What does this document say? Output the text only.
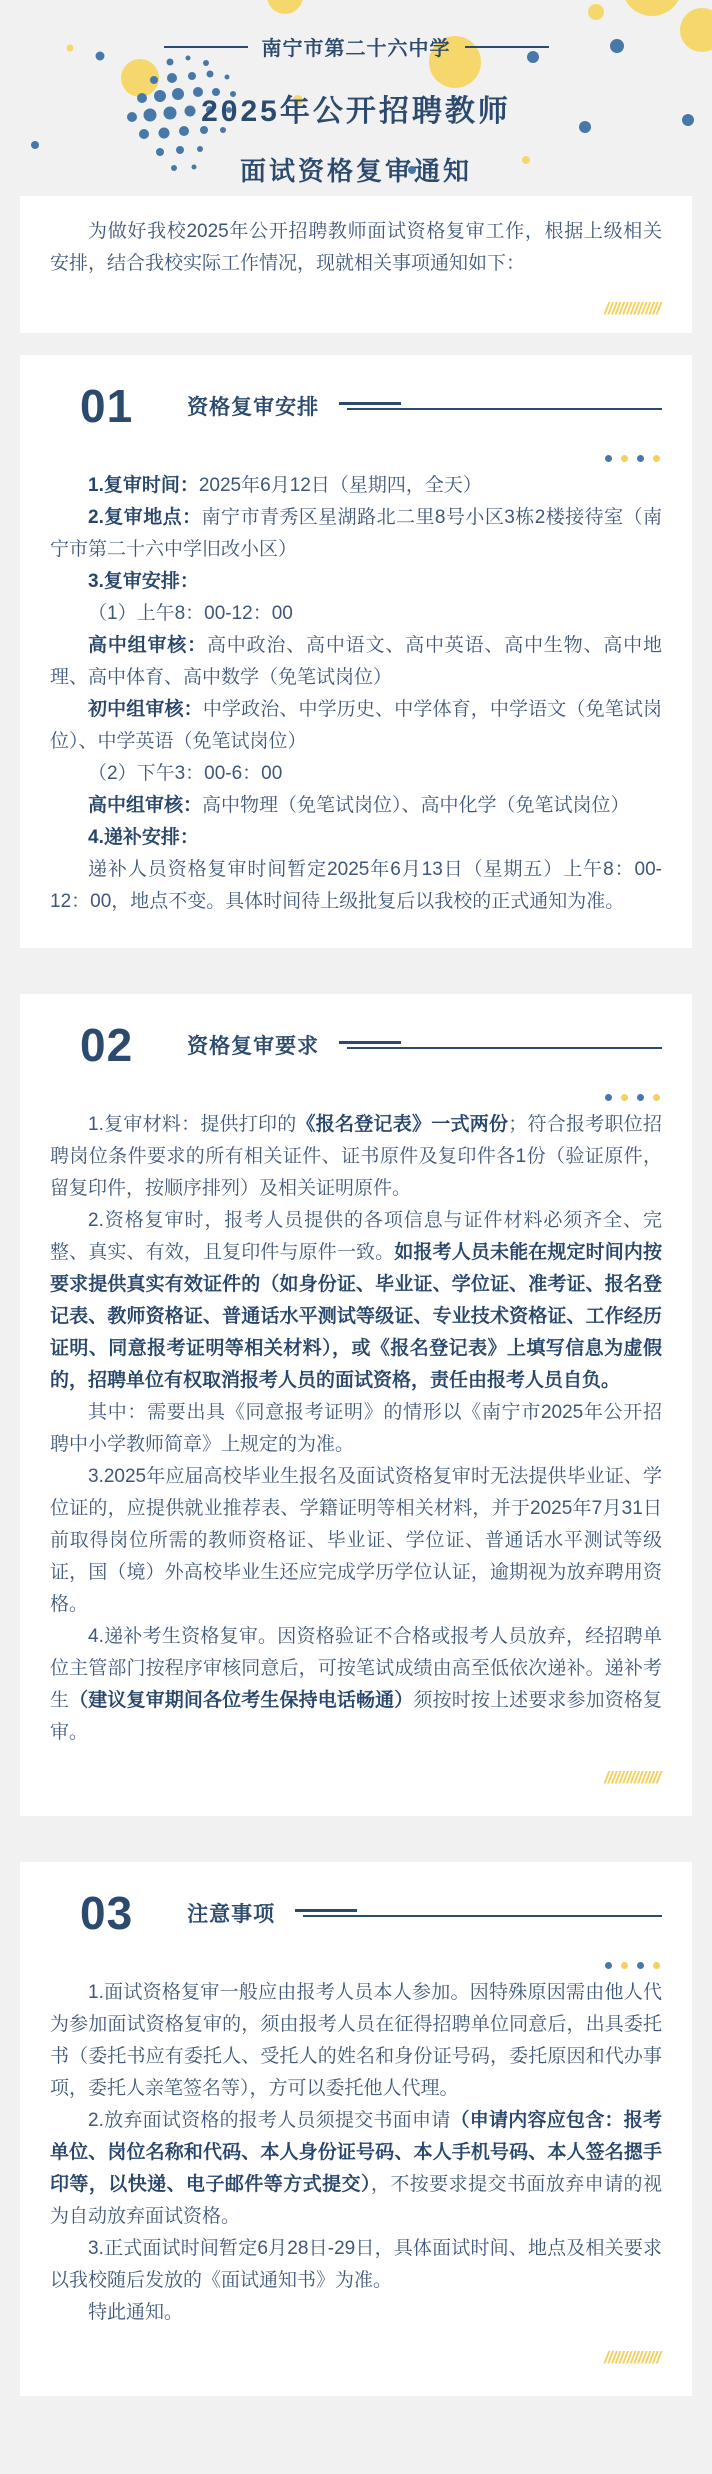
南宁市第二十六中学
2025年公开招聘教师
面试资格复审通知

为做好我校2025年公开招聘教师面试资格复审工作，根据上级相关安排，结合我校实际工作情况，现就相关事项通知如下：

///////////////
01	资格复审安排

1.复审时间：2025年6月12日（星期四，全天）

2.复审地点：南宁市青秀区星湖路北二里8号小区3栋2楼接待室（南宁市第二十六中学旧改小区）

3.复审安排：

（1）上午8：00-12：00

高中组审核：高中政治、高中语文、高中英语、高中生物、高中地理、高中体育、高中数学（免笔试岗位）

初中组审核：中学政治、中学历史、中学体育，中学语文（免笔试岗位）、中学英语（免笔试岗位）

（2）下午3：00-6：00

高中组审核：高中物理（免笔试岗位）、高中化学（免笔试岗位）

4.递补安排：

递补人员资格复审时间暂定2025年6月13日（星期五）上午8：00-12：00，地点不变。具体时间待上级批复后以我校的正式通知为准。

02	资格复审要求

1.复审材料：提供打印的《报名登记表》一式两份；符合报考职位招聘岗位条件要求的所有相关证件、证书原件及复印件各1份（验证原件，留复印件，按顺序排列）及相关证明原件。

2.资格复审时，报考人员提供的各项信息与证件材料必须齐全、完整、真实、有效，且复印件与原件一致。如报考人员未能在规定时间内按要求提供真实有效证件的（如身份证、毕业证、学位证、准考证、报名登记表、教师资格证、普通话水平测试等级证、专业技术资格证、工作经历证明、同意报考证明等相关材料），或《报名登记表》上填写信息为虚假的，招聘单位有权取消报考人员的面试资格，责任由报考人员自负。

其中：需要出具《同意报考证明》的情形以《南宁市2025年公开招聘中小学教师简章》上规定的为准。

3.2025年应届高校毕业生报名及面试资格复审时无法提供毕业证、学位证的，应提供就业推荐表、学籍证明等相关材料，并于2025年7月31日前取得岗位所需的教师资格证、毕业证、学位证、普通话水平测试等级证，国（境）外高校毕业生还应完成学历学位认证，逾期视为放弃聘用资格。

4.递补考生资格复审。因资格验证不合格或报考人员放弃，经招聘单位主管部门按程序审核同意后，可按笔试成绩由高至低依次递补。递补考生（建议复审期间各位考生保持电话畅通）须按时按上述要求参加资格复审。

///////////////
03	注意事项

1.面试资格复审一般应由报考人员本人参加。因特殊原因需由他人代为参加面试资格复审的，须由报考人员在征得招聘单位同意后，出具委托书（委托书应有委托人、受托人的姓名和身份证号码，委托原因和代办事项，委托人亲笔签名等），方可以委托他人代理。

2.放弃面试资格的报考人员须提交书面申请（申请内容应包含：报考单位、岗位名称和代码、本人身份证号码、本人手机号码、本人签名摁手印等，以快递、电子邮件等方式提交），不按要求提交书面放弃申请的视为自动放弃面试资格。

3.正式面试时间暂定6月28日-29日，具体面试时间、地点及相关要求以我校随后发放的《面试通知书》为准。

特此通知。

///////////////
